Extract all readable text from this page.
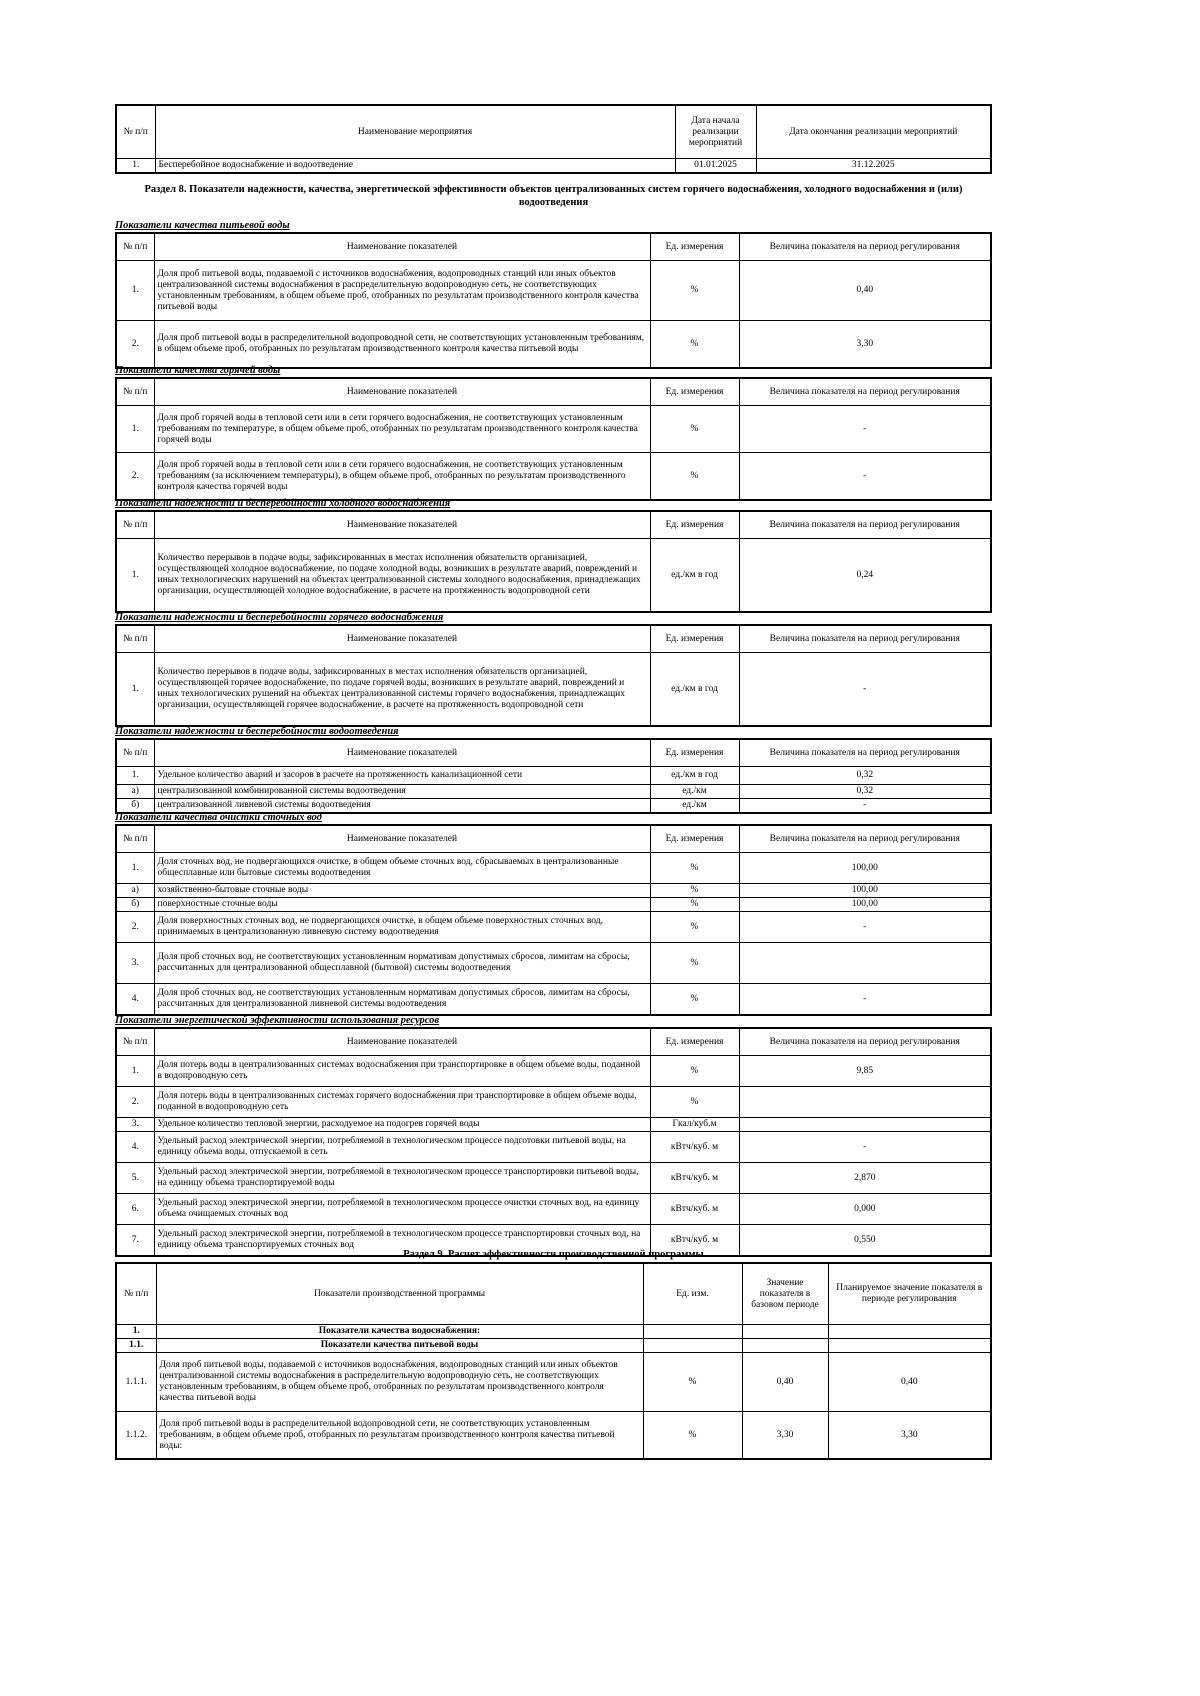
№ п/п	Наименование мероприятия	Дата начала реализации мероприятий	Дата окончания реализации мероприятий
1.	Бесперебойное водоснабжение и водоотведение	01.01.2025	31.12.2025
Раздел 8. Показатели надежности, качества, энергетической эффективности объектов централизованных систем горячего водоснабжения, холодного водоснабжения и (или) водоотведения
Показатели качества питьевой воды
№ п/п	Наименование показателей	Ед. измерения	Величина показателя на период регулирования
1.	Доля проб питьевой воды, подаваемой с источников водоснабжения, водопроводных станций или иных объектов централизованной системы водоснабжения в распределительную водопроводную сеть, не соответствующих установленным требованиям, в общем объеме проб, отобранных по результатам производственного контроля качества питьевой воды	%	0,40
2.	Доля проб питьевой воды в распределительной водопроводной сети, не соответствующих установленным требованиям, в общем объеме проб, отобранных по результатам производственного контроля качества питьевой воды	%	3,30
Показатели качества горячей воды
№ п/п	Наименование показателей	Ед. измерения	Величина показателя на период регулирования
1.	Доля проб горячей воды в тепловой сети или в сети горячего водоснабжения, не соответствующих установленным требованиям по температуре, в общем объеме проб, отобранных по результатам производственного контроля качества горячей воды	%	-
2.	Доля проб горячей воды в тепловой сети или в сети горячего водоснабжения, не соответствующих установленным требованиям (за исключением температуры), в общем объеме проб, отобранных по результатам производственного контроля качества горячей воды	%	-
Показатели надежности и бесперебойности холодного водоснабжения
№ п/п	Наименование показателей	Ед. измерения	Величина показателя на период регулирования
1.	Количество перерывов в подаче воды, зафиксированных в местах исполнения обязательств организацией, осуществляющей холодное водоснабжение, по подаче холодной воды, возникших в результате аварий, повреждений и иных технологических нарушений на объектах централизованной системы холодного водоснабжения, принадлежащих организации, осуществляющей холодное водоснабжение, в расчете на протяженность водопроводной сети	ед./км в год	0,24
Показатели надежности и бесперебойности горячего водоснабжения
№ п/п	Наименование показателей	Ед. измерения	Величина показателя на период регулирования
1.	Количество перерывов в подаче воды, зафиксированных в местах исполнения обязательств организацией, осуществляющей горячее водоснабжение, по подаче горячей воды, возникших в результате аварий, повреждений и иных технологических рушений на объектах централизованной системы горячего водоснабжения, принадлежащих организации, осуществляющей горячее водоснабжение, в расчете на протяженность водопроводной сети	ед./км в год	-
Показатели надежности и бесперебойности водоотведения
№ п/п	Наименование показателей	Ед. измерения	Величина показателя на период регулирования
1.	Удельное количество аварий и засоров в расчете на протяженность канализационной сети	ед./км в год	0,32
а)	централизованной комбинированной системы водоотведения	ед./км	0,32
б)	централизованной ливневой системы водоотведения	ед./км	-
Показатели качества очистки сточных вод
№ п/п	Наименование показателей	Ед. измерения	Величина показателя на период регулирования
1.	Доля сточных вод, не подвергающихся очистке, в общем объеме сточных вод, сбрасываемых в централизованные общесплавные или бытовые системы водоотведения	%	100,00
а)	хозяйственно-бытовые сточные воды	%	100,00
б)	поверхностные сточные воды	%	100,00
2.	Доля поверхностных сточных вод, не подвергающихся очистке, в общем объеме поверхностных сточных вод, принимаемых в централизованную ливневую систему водоотведения	%	-
3.	Доля проб сточных вод, не соответствующих установленным нормативам допустимых сбросов, лимитам на сбросы, рассчитанных для централизованной общесплавной (бытовой) системы водоотведения	%	
4.	Доля проб сточных вод, не соответствующих установленным нормативам допустимых сбросов, лимитам на сбросы, рассчитанных для централизованной ливневой системы водоотведения	%	-
Показатели энергетической эффективности использования ресурсов
№ п/п	Наименование показателей	Ед. измерения	Величина показателя на период регулирования
1.	Доля потерь воды в централизованных системах водоснабжения при транспортировке в общем объеме воды, поданной в водопроводную сеть	%	9,85
2.	Доля потерь воды в централизованных системах горячего водоснабжения при транспортировке в общем объеме воды, поданной в водопроводную сеть	%	
3.	Удельное количество тепловой энергии, расходуемое на подогрев горячей воды	Гкал/куб.м	
4.	Удельный расход электрической энергии, потребляемой в технологическом процессе подготовки питьевой воды, на единицу объема воды, отпускаемой в сеть	кВтч/куб. м	-
5.	Удельный расход электрической энергии, потребляемой в технологическом процессе транспортировки питьевой воды, на единицу объема транспортируемой воды	кВтч/куб. м	2,870
6.	Удельный расход электрической энергии, потребляемой в технологическом процессе очистки сточных вод, на единицу объема очищаемых сточных вод	кВтч/куб. м	0,000
7.	Удельный расход электрической энергии, потребляемой в технологическом процессе транспортировки сточных вод, на единицу объема транспортируемых сточных вод	кВтч/куб. м	0,550
Раздел 9. Расчет эффективности производственной программы
№ п/п	Показатели производственной программы	Ед. изм.	Значение показателя в базовом периоде	Планируемое значение показателя в периоде регулирования
1.	Показатели качества водоснабжения:			
1.1.	Показатели качества питьевой воды			
1.1.1.	Доля проб питьевой воды, подаваемой с источников водоснабжения, водопроводных станций или иных объектов централизованной системы водоснабжения в распределительную водопроводную сеть, не соответствующих установленным требованиям, в общем объеме проб, отобранных по результатам производственного контроля качества питьевой воды	%	0,40	0,40
1.1.2.	Доля проб питьевой воды в распределительной водопроводной сети, не соответствующих установленным требованиям, в общем объеме проб, отобранных по результатам производственного контроля качества питьевой воды:	%	3,30	3,30
